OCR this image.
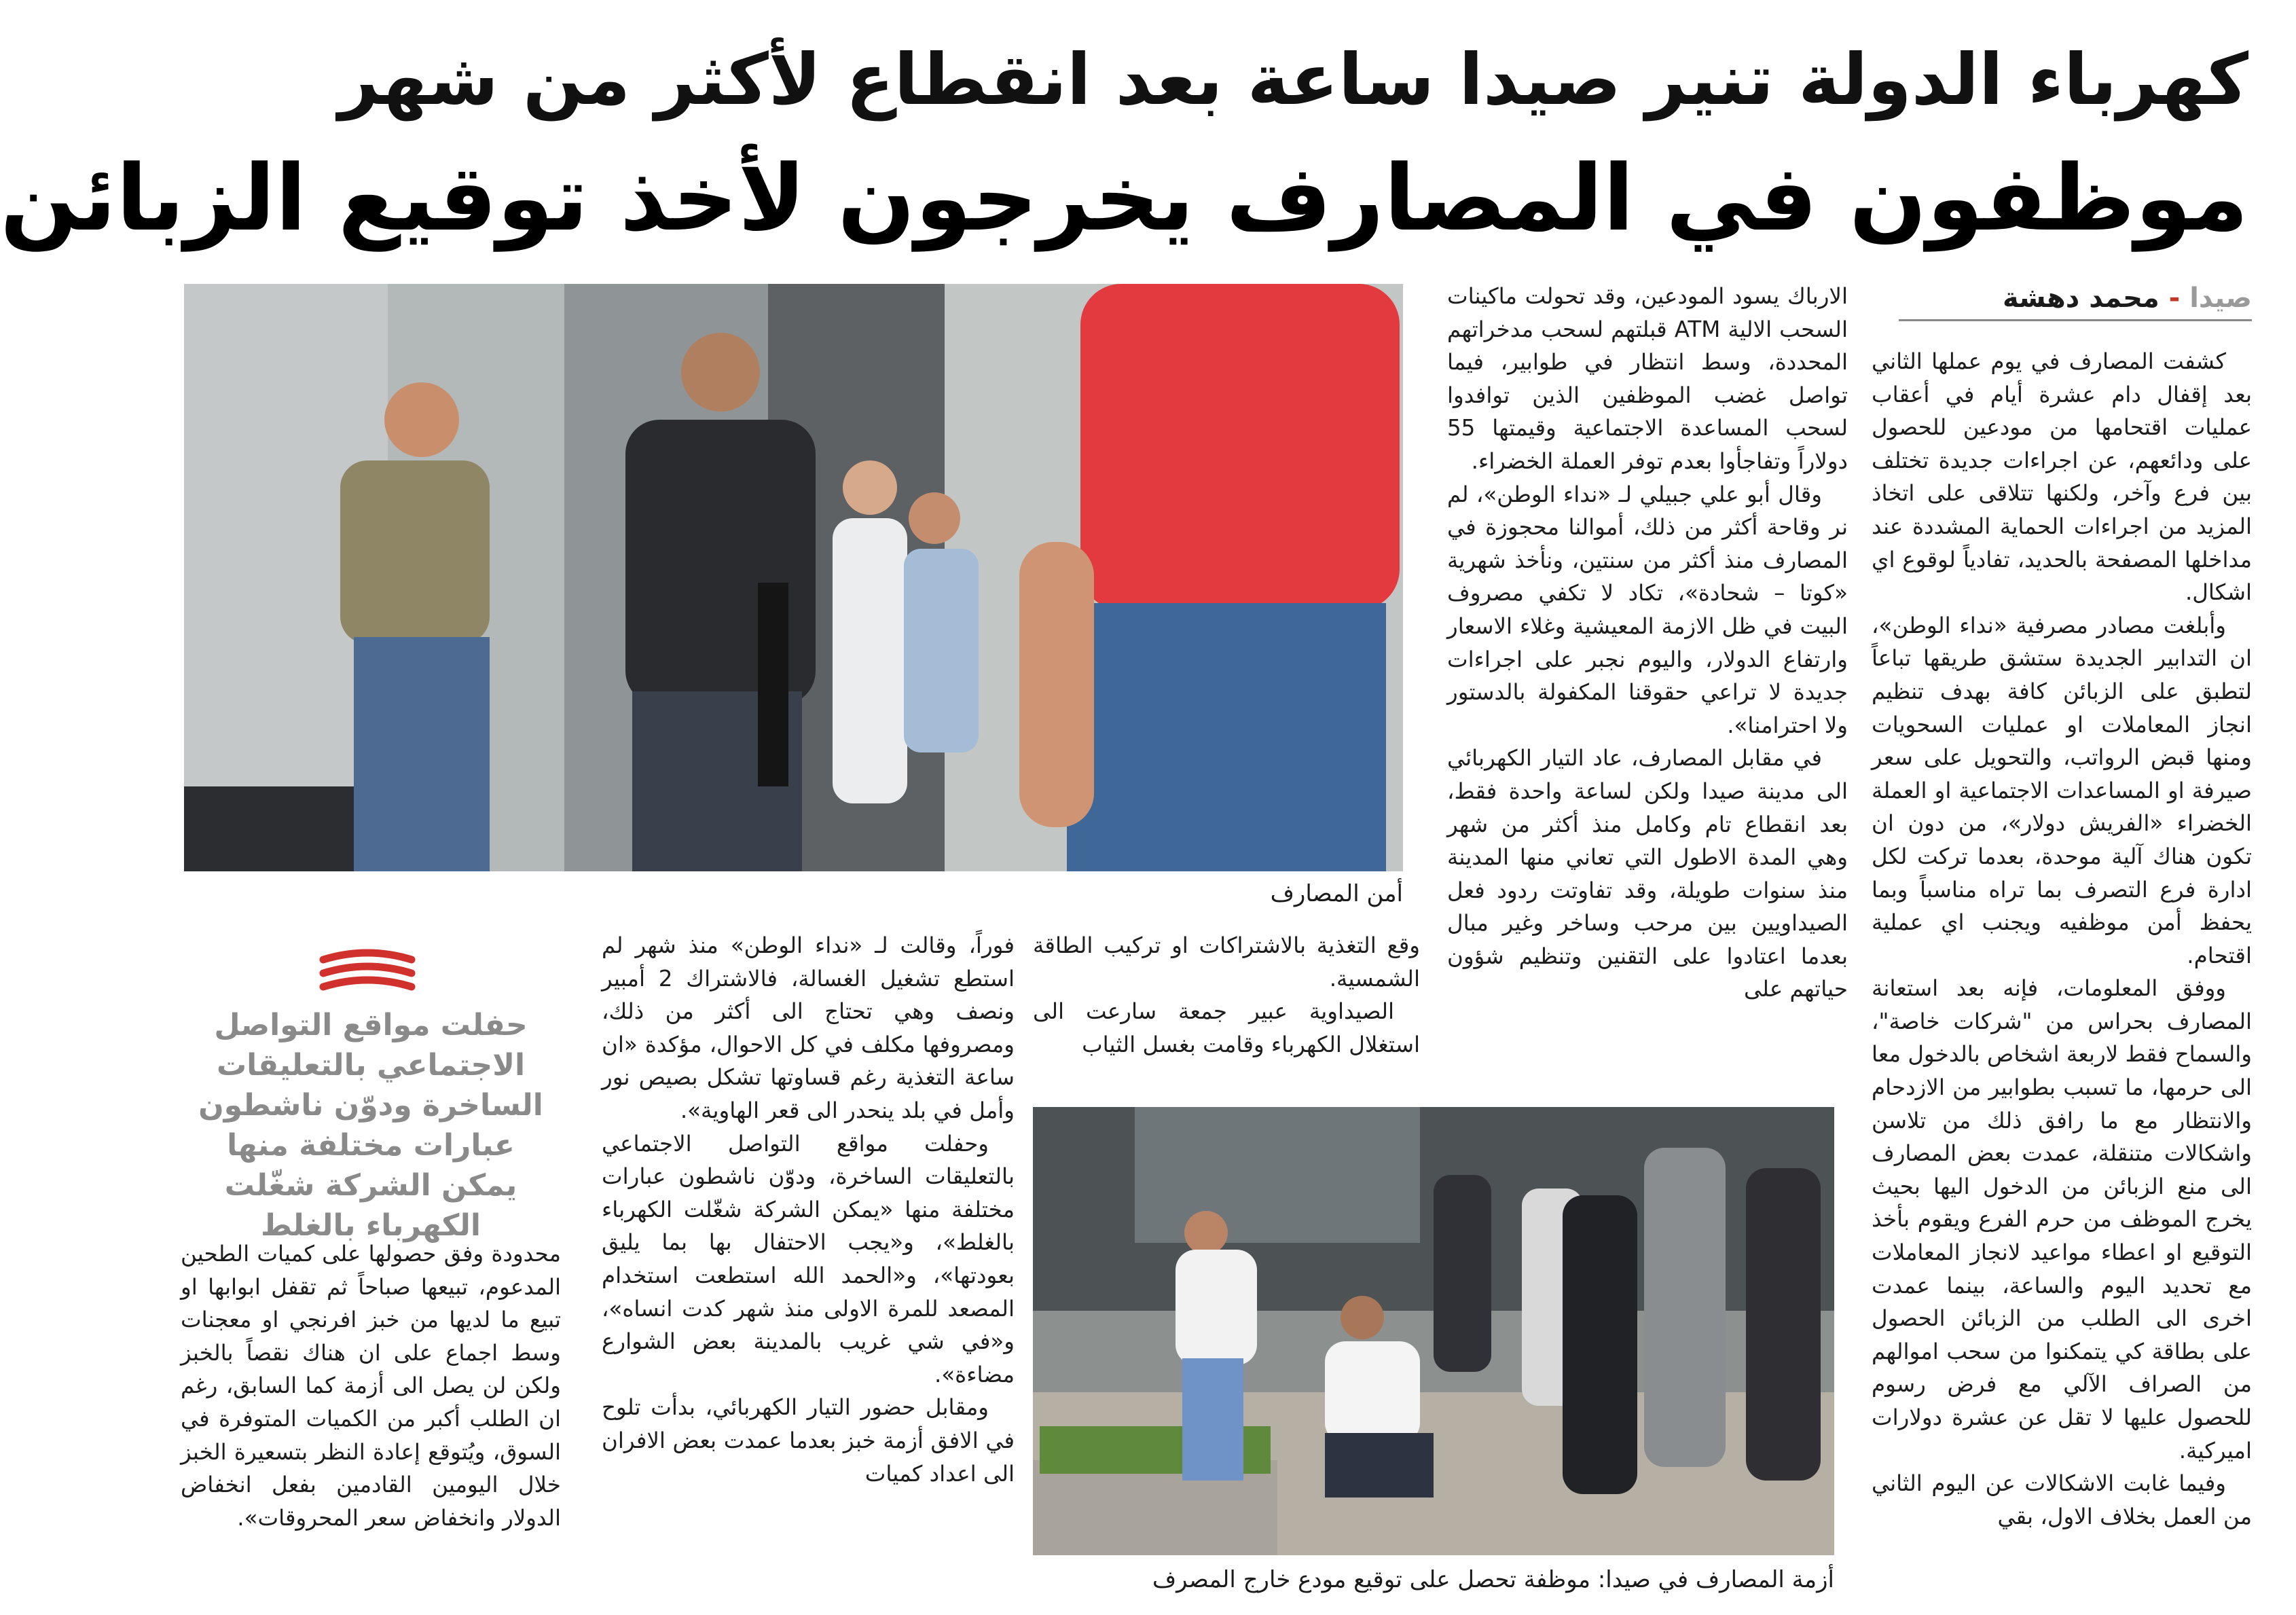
كهرباء الدولة تنير صيدا ساعة بعد انقطاع لأكثر من شهر
موظفون في المصارف يخرجون لأخذ توقيع الزبائن
صيدا - محمد دهشة

كشفت المصارف في يوم عملها الثاني بعد إقفال دام عشرة أيام في أعقاب عمليات اقتحامها من مودعين للحصول على ودائعهم، عن اجراءات جديدة تختلف بين فرع وآخر، ولكنها تتلاقى على اتخاذ المزيد من اجراءات الحماية المشددة عند مداخلها المصفحة بالحديد، تفادياً لوقوع اي اشكال.

وأبلغت مصادر مصرفية «نداء الوطن»، ان التدابير الجديدة ستشق طريقها تباعاً لتطبق على الزبائن كافة بهدف تنظيم انجاز المعاملات او عمليات السحويات ومنها قبض الرواتب، والتحويل على سعر صيرفة او المساعدات الاجتماعية او العملة الخضراء «الفريش دولار»، من دون ان تكون هناك آلية موحدة، بعدما تركت لكل ادارة فرع التصرف بما تراه مناسباً وبما يحفظ أمن موظفيه ويجنب اي عملية اقتحام.

ووفق المعلومات، فإنه بعد استعانة المصارف بحراس من "شركات خاصة"، والسماح فقط لاربعة اشخاص بالدخول معا الى حرمها، ما تسبب بطوابير من الازدحام والانتظار مع ما رافق ذلك من تلاسن واشكالات متنقلة، عمدت بعض المصارف الى منع الزبائن من الدخول اليها بحيث يخرج الموظف من حرم الفرع ويقوم بأخذ التوقيع او اعطاء مواعيد لانجاز المعاملات مع تحديد اليوم والساعة، بينما عمدت اخرى الى الطلب من الزبائن الحصول على بطاقة كي يتمكنوا من سحب اموالهم من الصراف الآلي مع فرض رسوم للحصول عليها لا تقل عن عشرة دولارات اميركية.

وفيما غابت الاشكالات عن اليوم الثاني من العمل بخلاف الاول، بقي

الارباك يسود المودعين، وقد تحولت ماكينات السحب الالية ATM قبلتهم لسحب مدخراتهم المحددة، وسط انتظار في طوابير، فيما تواصل غضب الموظفين الذين توافدوا لسحب المساعدة الاجتماعية وقيمتها 55 دولاراً وتفاجأوا بعدم توفر العملة الخضراء.

وقال أبو علي جبيلي لـ «نداء الوطن»، لم نر وقاحة أكثر من ذلك، أموالنا محجوزة في المصارف منذ أكثر من سنتين، ونأخذ شهرية «كوتا – شحادة»، تكاد لا تكفي مصروف البيت في ظل الازمة المعيشية وغلاء الاسعار وارتفاع الدولار، واليوم نجبر على اجراءات جديدة لا تراعي حقوقنا المكفولة بالدستور ولا احترامنا».

في مقابل المصارف، عاد التيار الكهربائي الى مدينة صيدا ولكن لساعة واحدة فقط، بعد انقطاع تام وكامل منذ أكثر من شهر وهي المدة الاطول التي تعاني منها المدينة منذ سنوات طويلة، وقد تفاوتت ردود فعل الصيداويين بين مرحب وساخر وغير مبال بعدما اعتادوا على التقنين وتنظيم شؤون حياتهم على

أمن المصارف

وقع التغذية بالاشتراكات او تركيب الطاقة الشمسية.

الصيداوية عبير جمعة سارعت الى استغلال الكهرباء وقامت بغسل الثياب

أزمة المصارف في صيدا: موظفة تحصل على توقيع مودع خارج المصرف

فوراً، وقالت لـ «نداء الوطن» منذ شهر لم استطع تشغيل الغسالة، فالاشتراك 2 أمبير ونصف وهي تحتاج الى أكثر من ذلك، ومصروفها مكلف في كل الاحوال، مؤكدة «ان ساعة التغذية رغم قساوتها تشكل بصيص نور وأمل في بلد ينحدر الى قعر الهاوية».

وحفلت مواقع التواصل الاجتماعي بالتعليقات الساخرة، ودوّن ناشطون عبارات مختلفة منها «يمكن الشركة شغّلت الكهرباء بالغلط»، و«يجب الاحتفال بها بما يليق بعودتها»، و«الحمد الله استطعت استخدام المصعد للمرة الاولى منذ شهر كدت انساه»، و«في شي غريب بالمدينة بعض الشوارع مضاءة».

ومقابل حضور التيار الكهربائي، بدأت تلوح في الافق أزمة خبز بعدما عمدت بعض الافران الى اعداد كميات

حفلت مواقع التواصل الاجتماعي بالتعليقات الساخرة ودوّن ناشطون عبارات مختلفة منها يمكن الشركة شغّلت الكهرباء بالغلط

محدودة وفق حصولها على كميات الطحين المدعوم، تبيعها صباحاً ثم تقفل ابوابها او تبيع ما لديها من خبز افرنجي او معجنات وسط اجماع على ان هناك نقصاً بالخبز ولكن لن يصل الى أزمة كما السابق، رغم ان الطلب أكبر من الكميات المتوفرة في السوق، ويُتوقع إعادة النظر بتسعيرة الخبز خلال اليومين القادمين بفعل انخفاض الدولار وانخفاض سعر المحروقات».
